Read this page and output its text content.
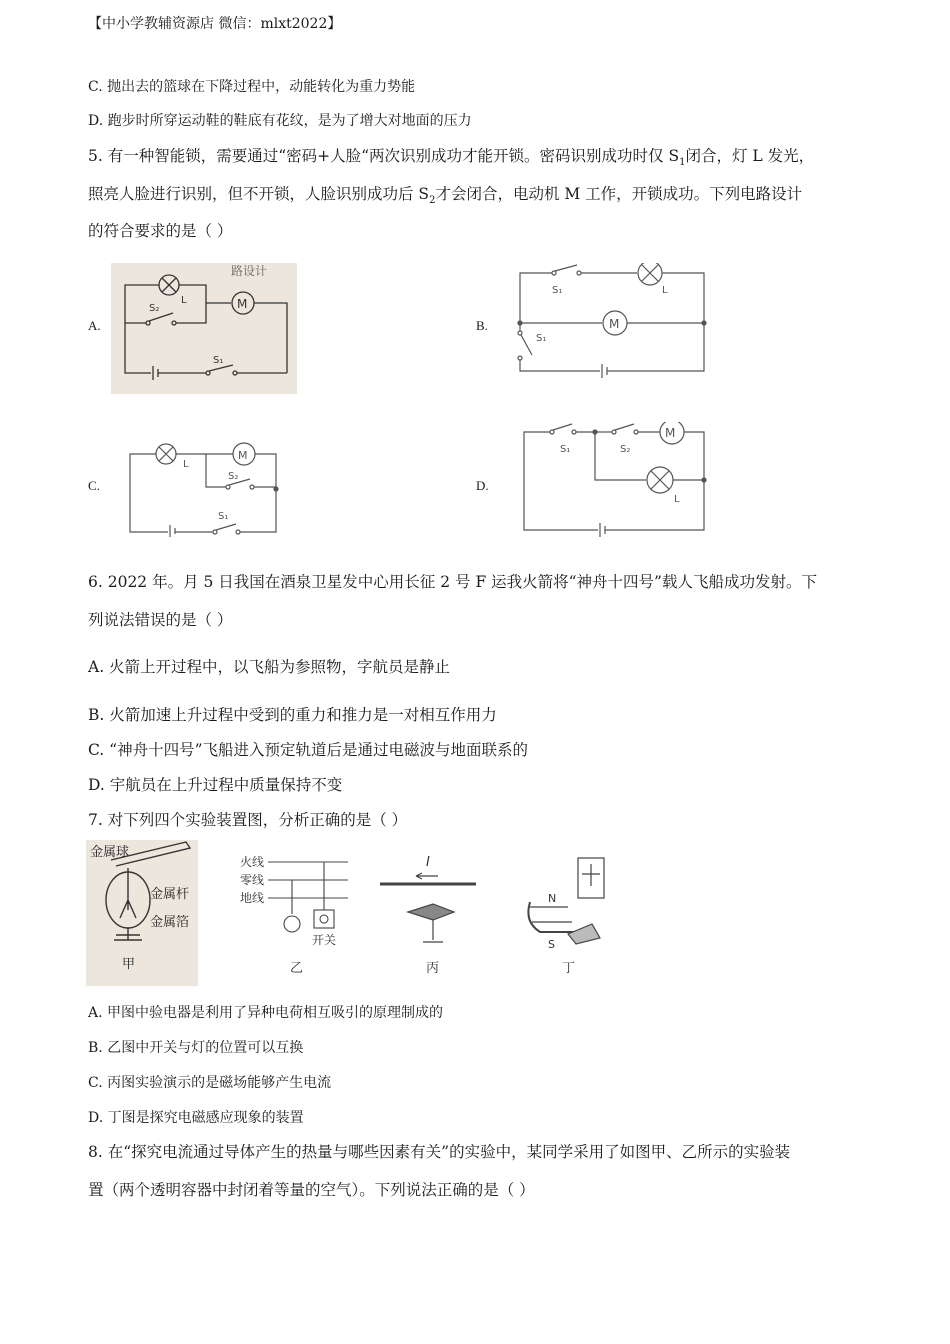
【中小学教辅资源店 微信：mlxt2022】
C. 抛出去的篮球在下降过程中，动能转化为重力势能
D. 跑步时所穿运动鞋的鞋底有花纹，是为了增大对地面的压力
5. 有一种智能锁，需要通过“密码+人脸“两次识别成功才能开锁。密码识别成功时仅 $S_1$闭合，灯 L 发光，
照亮人脸进行识别，但不开锁，人脸识别成功后 $S_2$才会闭合，电动机 M 工作，开锁成功。下列电路设计
的符合要求的是（ ）
A.	B.
C.	D.
路设计
M
S₂
L
S₁
M
S₁	L
S₁
M
L
S₂
S₁
M
S₁	S₂
L
6. 2022 年。月 5 日我国在酒泉卫星发中心用长征 2 号 F 运我火箭将“神舟十四号”载人飞船成功发射。下
列说法错误的是（ ）
A. 火箭上开过程中，以飞船为参照物，字航员是静止
B. 火箭加速上升过程中受到的重力和推力是一对相互作用力
C. “神舟十四号”飞船进入预定轨道后是通过电磁波与地面联系的
D. 宇航员在上升过程中质量保持不变
7. 对下列四个实验装置图，分析正确的是（ ）
金属球
金属杆
金属箔
甲
火线
零线
地线
开关
乙
I
丙
N
S
丁
A. 甲图中验电器是利用了异种电荷相互吸引的原理制成的
B. 乙图中开关与灯的位置可以互换
C. 丙图实验演示的是磁场能够产生电流
D. 丁图是探究电磁感应现象的装置
8. 在“探究电流通过导体产生的热量与哪些因素有关”的实验中，某同学采用了如图甲、乙所示的实验装
置（两个透明容器中封闭着等量的空气）。下列说法正确的是（ ）
